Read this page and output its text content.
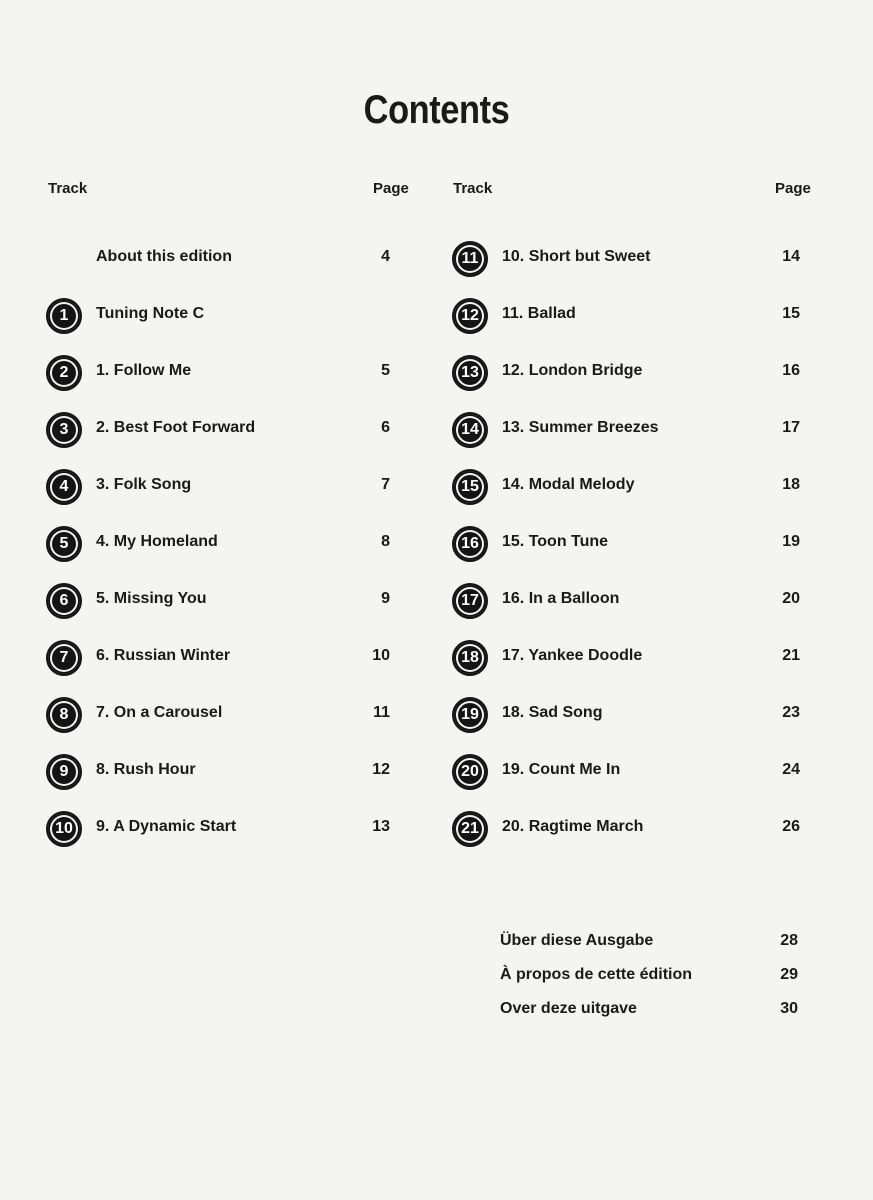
Contents
Track	Page	Track	Page
About this edition	4
1	Tuning Note C
2	1. Follow Me	5
3	2. Best Foot Forward	6
4	3. Folk Song	7
5	4. My Homeland	8
6	5. Missing You	9
7	6. Russian Winter	10
8	7. On a Carousel	11
9	8. Rush Hour	12
10	9. A Dynamic Start	13
11	10. Short but Sweet	14
12	11. Ballad	15
13	12. London Bridge	16
14	13. Summer Breezes	17
15	14. Modal Melody	18
16	15. Toon Tune	19
17	16. In a Balloon	20
18	17. Yankee Doodle	21
19	18. Sad Song	23
20	19. Count Me In	24
21	20. Ragtime March	26
Über diese Ausgabe	28
À propos de cette édition	29
Over deze uitgave	30
